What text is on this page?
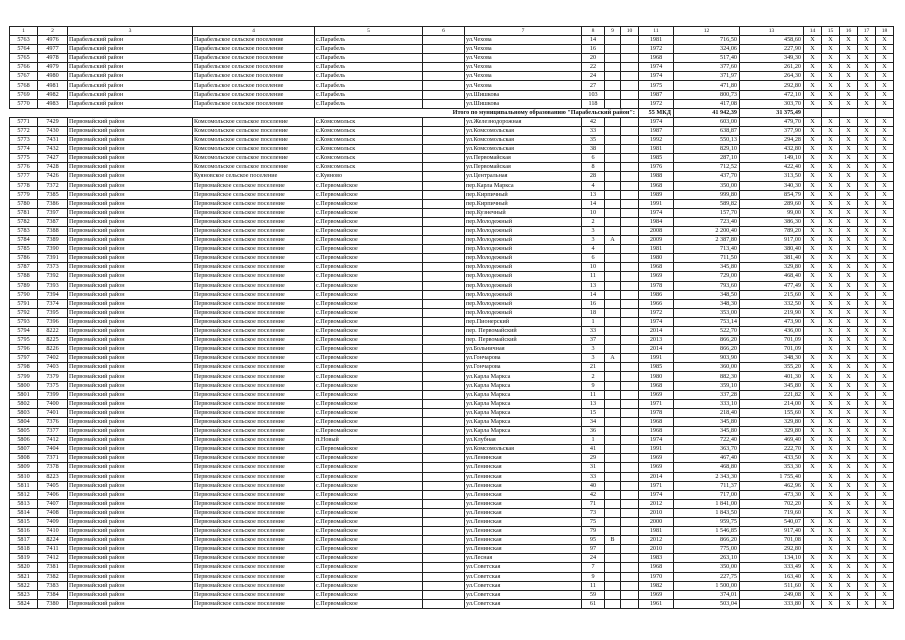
1	2	3	4	5	6	7	8	9	10	11	12	13	14	15	16	17	18
5763	4976	Парабельский район	Парабельское сельское поселение	с.Парабель		ул.Чехова	14			1981	716,50	458,60	X	X	X	X	X
5764	4977	Парабельский район	Парабельское сельское поселение	с.Парабель		ул.Чехова	16			1972	324,06	227,90	X	X	X	X	X
5765	4978	Парабельский район	Парабельское сельское поселение	с.Парабель		ул.Чехова	20			1968	517,40	349,30	X	X	X	X	X
5766	4979	Парабельский район	Парабельское сельское поселение	с.Парабель		ул.Чехова	22			1974	377,60	261,20	X	X	X	X	X
5767	4980	Парабельский район	Парабельское сельское поселение	с.Парабель		ул.Чехова	24			1974	371,97	264,30	X	X	X	X	X
5768	4981	Парабельский район	Парабельское сельское поселение	с.Парабель		ул.Чехова	27			1975	471,80	292,80	X	X	X	X	X
5769	4982	Парабельский район	Парабельское сельское поселение	с.Парабель		ул.Шишкова	103			1987	800,73	472,10	X	X	X	X	X
5770	4983	Парабельский район	Парабельское сельское поселение	с.Парабель		ул.Шишкова	118			1972	417,08	303,70	X	X	X	X	X
Итого по муниципальному образованию "Парабельский район":										55 МКД	41 942,39	31 375,49					
5771	7429	Первомайский район	Комсомольское сельское поселение	с.Комсомольск		ул.Железнодорожная	42			1974	603,00	479,70	X	X	X	X	X
5772	7430	Первомайский район	Комсомольское сельское поселение	с.Комсомольск		ул.Комсомольская	33			1987	638,87	377,90	X	X	X	X	X
5773	7431	Первомайский район	Комсомольское сельское поселение	с.Комсомольск		ул.Комсомольская	35			1992	550,13	294,28	X	X	X	X	X
5774	7432	Первомайский район	Комсомольское сельское поселение	с.Комсомольск		ул.Комсомольская	38			1981	829,10	432,80	X	X	X	X	X
5775	7427	Первомайский район	Комсомольское сельское поселение	с.Комсомольск		ул.Первомайская	6			1985	287,10	149,10	X	X	X	X	X
5776	7428	Первомайский район	Комсомольское сельское поселение	с.Комсомольск		ул.Первомайская	8			1976	712,52	422,40	X	X	X	X	X
5777	7426	Первомайский район	Куяновское сельское поселение	с.Куяново		ул.Центральная	28			1988	437,70	313,50	X	X	X	X	X
5778	7372	Первомайский район	Первомайское сельское поселение	с.Первомайское		пер.Карла Маркса	4			1968	350,00	340,30	X	X	X	X	X
5779	7385	Первомайский район	Первомайское сельское поселение	с.Первомайское		пер.Кирпичный	13			1989	999,80	854,79	X	X	X	X	X
5780	7386	Первомайский район	Первомайское сельское поселение	с.Первомайское		пер.Кирпичный	14			1991	589,82	289,60	X	X	X	X	X
5781	7397	Первомайский район	Первомайское сельское поселение	с.Первомайское		пер.Кузнечный	10			1974	157,70	99,00	X	X	X	X	X
5782	7387	Первомайский район	Первомайское сельское поселение	с.Первомайское		пер.Молодежный	2			1984	723,40	386,30	X	X	X	X	X
5783	7388	Первомайский район	Первомайское сельское поселение	с.Первомайское		пер.Молодежный	3			2008	2 200,40	789,20	X	X	X	X	X
5784	7389	Первомайский район	Первомайское сельское поселение	с.Первомайское		пер.Молодежный	3	А		2009	2 387,80	917,00	X	X	X	X	X
5785	7390	Первомайский район	Первомайское сельское поселение	с.Первомайское		пер.Молодежный	4			1981	713,40	380,40	X	X	X	X	X
5786	7391	Первомайский район	Первомайское сельское поселение	с.Первомайское		пер.Молодежный	6			1980	711,50	381,40	X	X	X	X	X
5787	7373	Первомайский район	Первомайское сельское поселение	с.Первомайское		пер.Молодежный	10			1968	345,80	329,80	X	X	X	X	X
5788	7392	Первомайский район	Первомайское сельское поселение	с.Первомайское		пер.Молодежный	11			1969	729,00	468,40	X	X	X	X	X
5789	7393	Первомайский район	Первомайское сельское поселение	с.Первомайское		пер.Молодежный	13			1978	793,60	477,49	X	X	X	X	X
5790	7394	Первомайский район	Первомайское сельское поселение	с.Первомайское		пер.Молодежный	14			1986	348,50	215,60	X	X	X	X	X
5791	7374	Первомайский район	Первомайское сельское поселение	с.Первомайское		пер.Молодежный	16			1966	348,30	332,50	X	X	X	X	X
5792	7395	Первомайский район	Первомайское сельское поселение	с.Первомайское		пер.Молодежный	18			1972	353,00	219,90	X	X	X	X	X
5793	7396	Первомайский район	Первомайское сельское поселение	с.Первомайское		пер.Пионерский	1			1974	753,14	473,90	X	X	X	X	X
5794	8222	Первомайский район	Первомайское сельское поселение	с.Первомайское		пер. Первомайский	33			2014	522,70	436,00		X	X	X	X
5795	8225	Первомайский район	Первомайское сельское поселение	с.Первомайское		пер. Первомайский	37			2013	866,20	701,09		X	X	X	X
5796	8226	Первомайский район	Первомайское сельское поселение	с.Первомайское		ул.Больничная	3			2014	866,20	701,09		X	X	X	X
5797	7402	Первомайский район	Первомайское сельское поселение	с.Первомайское		ул.Гончарова	3	А		1991	903,90	348,30	X	X	X	X	X
5798	7403	Первомайский район	Первомайское сельское поселение	с.Первомайское		ул.Гончарова	21			1985	360,00	355,20	X	X	X	X	X
5799	7379	Первомайский район	Первомайское сельское поселение	с.Первомайское		ул.Карла Маркса	2			1980	882,30	401,30	X	X	X	X	X
5800	7375	Первомайский район	Первомайское сельское поселение	с.Первомайское		ул.Карла Маркса	9			1968	359,10	345,80	X	X	X	X	X
5801	7399	Первомайский район	Первомайское сельское поселение	с.Первомайское		ул.Карла Маркса	11			1969	337,28	221,82	X	X	X	X	X
5802	7400	Первомайский район	Первомайское сельское поселение	с.Первомайское		ул.Карла Маркса	13			1971	333,10	214,00	X	X	X	X	X
5803	7401	Первомайский район	Первомайское сельское поселение	с.Первомайское		ул.Карла Маркса	15			1978	218,40	155,60	X	X	X	X	X
5804	7376	Первомайский район	Первомайское сельское поселение	с.Первомайское		ул.Карла Маркса	34			1968	345,80	329,80	X	X	X	X	X
5805	7377	Первомайский район	Первомайское сельское поселение	с.Первомайское		ул.Карла Маркса	36			1968	345,80	329,80	X	X	X	X	X
5806	7412	Первомайский район	Первомайское сельское поселение	п.Новый		ул.Клубная	1			1974	722,40	469,40	X	X	X	X	X
5807	7404	Первомайский район	Первомайское сельское поселение	с.Первомайское		ул.Комсомольская	41			1991	363,70	222,70	X	X	X	X	X
5808	7371	Первомайский район	Первомайское сельское поселение	с.Первомайское		ул.Ленинская	29			1969	467,40	433,50	X	X	X	X	X
5809	7378	Первомайский район	Первомайское сельское поселение	с.Первомайское		ул.Ленинская	31			1969	468,80	353,30	X	X	X	X	X
5810	8223	Первомайский район	Первомайское сельское поселение	с.Первомайское		ул.Ленинская	33			2014	2 343,30	1 755,40		X	X	X	X
5811	7405	Первомайский район	Первомайское сельское поселение	с.Первомайское		ул.Ленинская	40			1971	711,37	462,96	X	X	X	X	X
5812	7406	Первомайский район	Первомайское сельское поселение	с.Первомайское		ул.Ленинская	42			1974	717,00	473,30	X	X	X	X	X
5813	7407	Первомайский район	Первомайское сельское поселение	с.Первомайское		ул.Ленинская	71			2012	1 841,00	702,20		X	X	X	X
5814	7408	Первомайский район	Первомайское сельское поселение	с.Первомайское		ул.Ленинская	73			2010	1 843,50	719,60		X	X	X	X
5815	7409	Первомайский район	Первомайское сельское поселение	с.Первомайское		ул.Ленинская	75			2000	959,75	540,07	X	X	X	X	X
5816	7410	Первомайский район	Первомайское сельское поселение	с.Первомайское		ул.Ленинская	79			1981	1 546,85	917,40	X	X	X	X	X
5817	8224	Первомайский район	Первомайское сельское поселение	с.Первомайское		ул.Ленинская	95	В		2012	866,20	701,08		X	X	X	X
5818	7411	Первомайский район	Первомайское сельское поселение	с.Первомайское		ул.Ленинская	97			2010	775,00	292,80		X	X	X	X
5819	7412	Первомайский район	Первомайское сельское поселение	с.Первомайское		ул.Лесная	24			1983	263,10	134,10	X	X	X	X	X
5820	7381	Первомайский район	Первомайское сельское поселение	с.Первомайское		ул.Советская	7			1968	350,00	333,49	X	X	X	X	X
5821	7382	Первомайский район	Первомайское сельское поселение	с.Первомайское		ул.Советская	9			1970	227,75	163,40	X	X	X	X	X
5822	7383	Первомайский район	Первомайское сельское поселение	с.Первомайское		ул.Советская	11			1982	1 500,00	511,60	X	X	X	X	X
5823	7384	Первомайский район	Первомайское сельское поселение	с.Первомайское		ул.Советская	59			1969	374,01	249,08	X	X	X	X	X
5824	7380	Первомайский район	Первомайское сельское поселение	с.Первомайское		ул.Советская	61			1961	503,04	333,80	X	X	X	X	X
